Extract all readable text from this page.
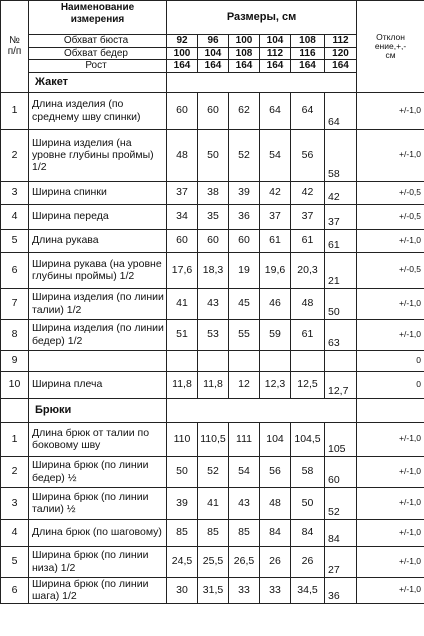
№
п/п	Наименование
измерения	Размеры, см						Отклон
ение,+,-
см
	Обхват бюста	92	96	100	104	108	112	
	Обхват бедер	100	104	108	112	116	120	
	Рост	164	164	164	164	164	164	
	Жакет							
1	Длина изделия (по среднему шву спинки)	60	60	62	64	64	64	+/-1,0
2	Ширина изделия (на уровне глубины проймы) 1/2	48	50	52	54	56	58	+/-1,0
3	Ширина спинки	37	38	39	42	42	42	+/-0,5
4	Ширина переда	34	35	36	37	37	37	+/-0,5
5	Длина рукава	60	60	60	61	61	61	+/-1,0
6	Ширина рукава (на уровне глубины проймы) 1/2	17,6	18,3	19	19,6	20,3	21	+/-0,5
7	Ширина изделия (по линии талии) 1/2	41	43	45	46	48	50	+/-1,0
8	Ширина изделия (по линии бедер) 1/2	51	53	55	59	61	63	+/-1,0
9								0
10	Ширина плеча	11,8	11,8	12	12,3	12,5	12,7	0
	Брюки							
1	Длина брюк от талии по боковому шву	110	110,5	111	104	104,5	105	+/-1,0
2	Ширина брюк (по линии бедер) ½	50	52	54	56	58	60	+/-1,0
3	Ширина брюк (по линии талии) ½	39	41	43	48	50	52	+/-1,0
4	Длина брюк (по шаговому)	85	85	85	84	84	84	+/-1,0
5	Ширина брюк (по линии низа) 1/2	24,5	25,5	26,5	26	26	27	+/-1,0
6	Ширина брюк (по линии шага) 1/2	30	31,5	33	33	34,5	36	+/-1,0
